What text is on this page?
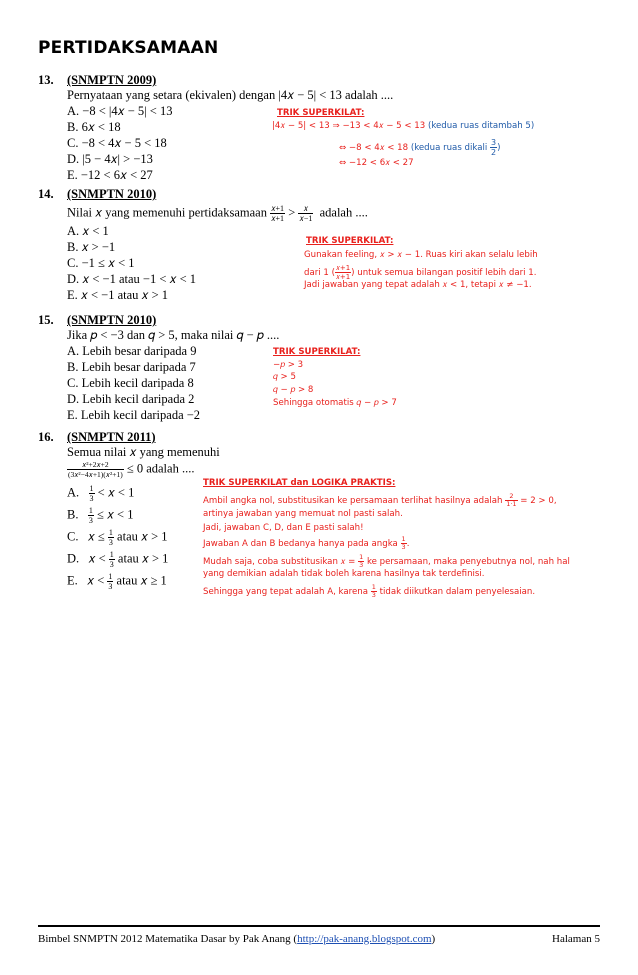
PERTIDAKSAMAAN
13. (SNMPTN 2009)
Pernyataan yang setara (ekivalen) dengan |4𝑥 − 5| < 13 adalah ....
A. −8 < |4𝑥 − 5| < 13
B. 6𝑥 < 18
C. −8 < 4𝑥 − 5 < 18
D. |5 − 4𝑥| > −13
E. −12 < 6𝑥 < 27
TRIK SUPERKILAT:
|4𝑥 − 5| < 13 ⇒ −13 < 4𝑥 − 5 < 13 (kedua ruas ditambah 5)
⇔ −8 < 4𝑥 < 18 (kedua ruas dikali $\frac{3}{2}$ )
⇔ −12 < 6𝑥 < 27
14. (SNMPTN 2010)
Nilai 𝑥 yang memenuhi pertidaksamaan $\frac{\text{𝑥+1}}{\text{𝑥+1}} > \frac{\text{𝑥}}{\text{𝑥−1}}$ adalah ....
A. 𝑥 < 1
B. 𝑥 > −1
C. −1 ≤ 𝑥 < 1
D. 𝑥 < −1 atau −1 < 𝑥 < 1
E. 𝑥 < −1 atau 𝑥 > 1
TRIK SUPERKILAT:
Gunakan feeling, 𝑥 > 𝑥 − 1. Ruas kiri akan selalu lebih
dari 1 ( $\frac{\text{𝑥+1}}{\text{𝑥+1}}$ ) untuk semua bilangan positif lebih dari 1.
Jadi jawaban yang tepat adalah 𝑥 < 1, tetapi 𝑥 ≠ −1.
15. (SNMPTN 2010)
Jika 𝑝 < −3 dan 𝑞 > 5, maka nilai 𝑞 − 𝑝 ....
A. Lebih besar daripada 9
B. Lebih besar daripada 7
C. Lebih kecil daripada 8
D. Lebih kecil daripada 2
E. Lebih kecil daripada −2
TRIK SUPERKILAT:
−𝑝 > 3
𝑞 > 5
𝑞 − 𝑝 > 8
Sehingga otomatis 𝑞 − 𝑝 > 7
16. (SNMPTN 2011)
Semua nilai 𝑥 yang memenuhi
$\frac{\text{𝑥²+2𝑥+2}}{\text{(3𝑥²−4𝑥+1)(𝑥²+1)}} \le 0$ adalah ....
A. $\frac{1}{3}$ < 𝑥 < 1
B. $\frac{1}{3}$ ≤ 𝑥 < 1
C. 𝑥 ≤ $\frac{1}{3}$ atau 𝑥 > 1
D. 𝑥 < $\frac{1}{3}$ atau 𝑥 > 1
E. 𝑥 < $\frac{1}{3}$ atau 𝑥 ≥ 1
TRIK SUPERKILAT dan LOGIKA PRAKTIS:
Ambil angka nol, substitusikan ke persamaan terlihat hasilnya adalah $\frac{2}{1\cdot 1} = 2 > 0$,
artinya jawaban yang memuat nol pasti salah.
Jadi, jawaban C, D, dan E pasti salah!
Jawaban A dan B bedanya hanya pada angka $\frac{1}{3}$ .
Mudah saja, coba substitusikan 𝑥 = $\frac{1}{3}$ ke persamaan, maka penyebutnya nol, nah hal
yang demikian adalah tidak boleh karena hasilnya tak terdefinisi.
Sehingga yang tepat adalah A, karena $\frac{1}{3}$ tidak diikutkan dalam penyelesaian.
Bimbel SNMPTN 2012 Matematika Dasar by Pak Anang (http://pak-anang.blogspot.com)	Halaman 5
